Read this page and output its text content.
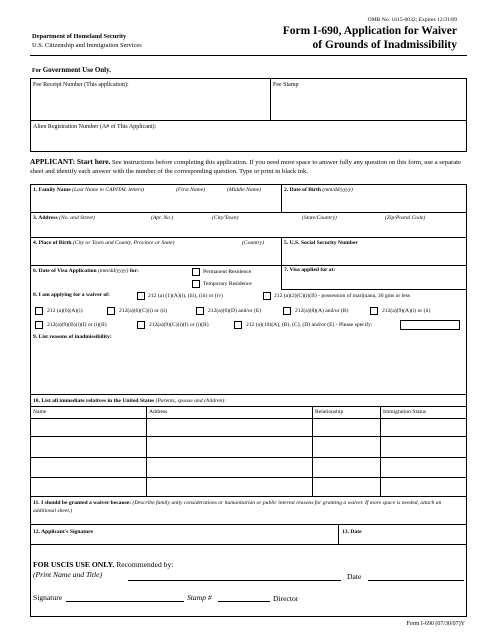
OMB No. 1615-0032; Expires 12/31/09
Department of Homeland Security
U.S. Citizenship and Immigration Services
Form I-690, Application for Waiver
of Grounds of Inadmissibility
For Government Use Only.
Fee Receipt Number (This application):	Fee Stamp
Alien Registration Number (A# of This Applicant):
APPLICANT: Start here. See instructions before completing this application. If you need more space to answer fully any question on this form, use a separate sheet and identify each answer with the number of the corresponding question. Type or print in black ink.
1. Family Name (Last Name in CAPITAL letters)	(First Name)	(Middle Name)	2. Date of Birth (mm/dd/yyyy)
3. Address (No. and Street)	(Apt. No.)	(City/Town)	(State/Country)	(Zip/Postal Code)
4. Place of Birth (City or Town and County, Province or State)	(Country)	5. U.S. Social Security Number
6. Date of Visa Application (mm/dd/yyyy) for:	Permanent Residence
Temporary Residence
7. Visa applied for at:
8. I am applying for a waiver of:	212 (a) (1)(A)(i), (iii), (iii) or (iv)	212 (a)(2)(C)(i)(II) - possession of marijuana, 30 gms or less
212 (a)(6)(A)(i)	212(a)(6)(C)(i) or (ii)	212(a)(6)(D) and/or (E)	212(a)(8)(A) and/or (B)	212(a)(9)(A)(i) or (ii)
212(a)(9)(B)(i)(I) or (i)(II)	212(a)(9)(C)(i)(I) or (i)(II)	212 (a)(10)(A), (B), (C), (D) and/or (E) - Please specify:
9. List reasons of inadmissibility:
10. List all immediate relatives in the United States (Parents, spouse and children):
Name	Address	Relationship	Immigration Status
11. I should be granted a waiver because: (Describe family unity considerations or humanitarian or public interest reasons for granting a waiver. If more space is needed, attach an additional sheet.)
12. Applicant's Signature	13. Date
FOR USCIS USE ONLY. Recommended by:
(Print Name and Title)	Date
Signature	Stamp #	Director
Form I-690 (07/30/07)Y
